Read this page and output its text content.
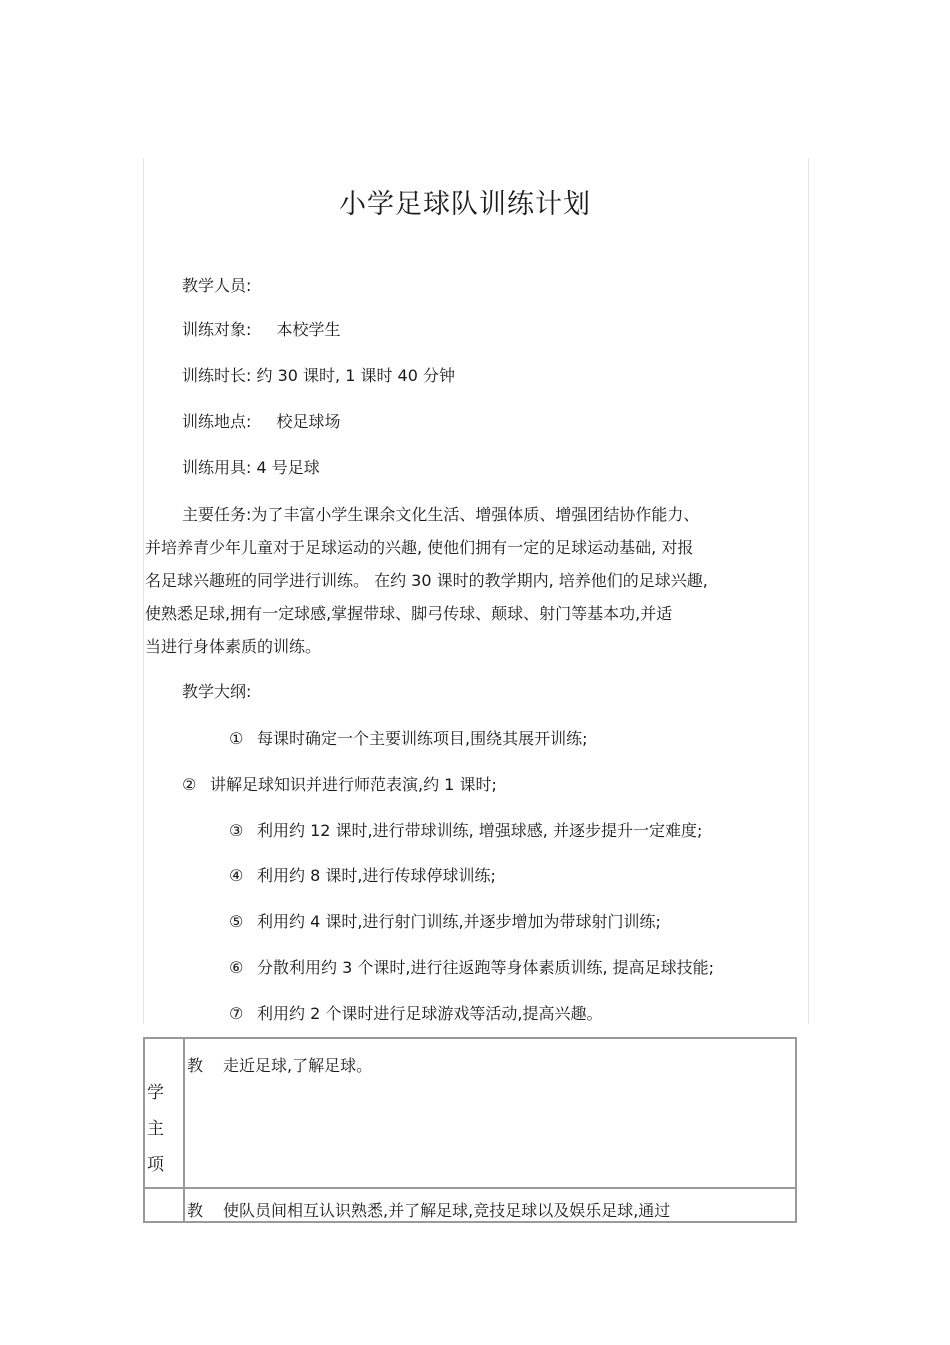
小学足球队训练计划
教学人员:
训练对象: 本校学生
训练时长: 约 30 课时, 1 课时 40 分钟
训练地点: 校足球场
训练用具: 4 号足球
主要任务:为了丰富小学生课余文化生活、增强体质、增强团结协作能力、
并培养青少年儿童对于足球运动的兴趣, 使他们拥有一定的足球运动基础, 对报
名足球兴趣班的同学进行训练。 在约 30 课时的教学期内, 培养他们的足球兴趣,
使熟悉足球,拥有一定球感,掌握带球、脚弓传球、颠球、射门等基本功,并适
当进行身体素质的训练。
教学大纲:
① 每课时确定一个主要训练项目,围绕其展开训练;
② 讲解足球知识并进行师范表演,约 1 课时;
③ 利用约 12 课时,进行带球训练, 增强球感, 并逐步提升一定难度;
④ 利用约 8 课时,进行传球停球训练;
⑤ 利用约 4 课时,进行射门训练,并逐步增加为带球射门训练;
⑥ 分散利用约 3 个课时,进行往返跑等身体素质训练, 提高足球技能;
⑦ 利用约 2 个课时进行足球游戏等活动,提高兴趣。
学
主
项
教 走近足球,了解足球。
教 使队员间相互认识熟悉,并了解足球,竞技足球以及娱乐足球,通过
